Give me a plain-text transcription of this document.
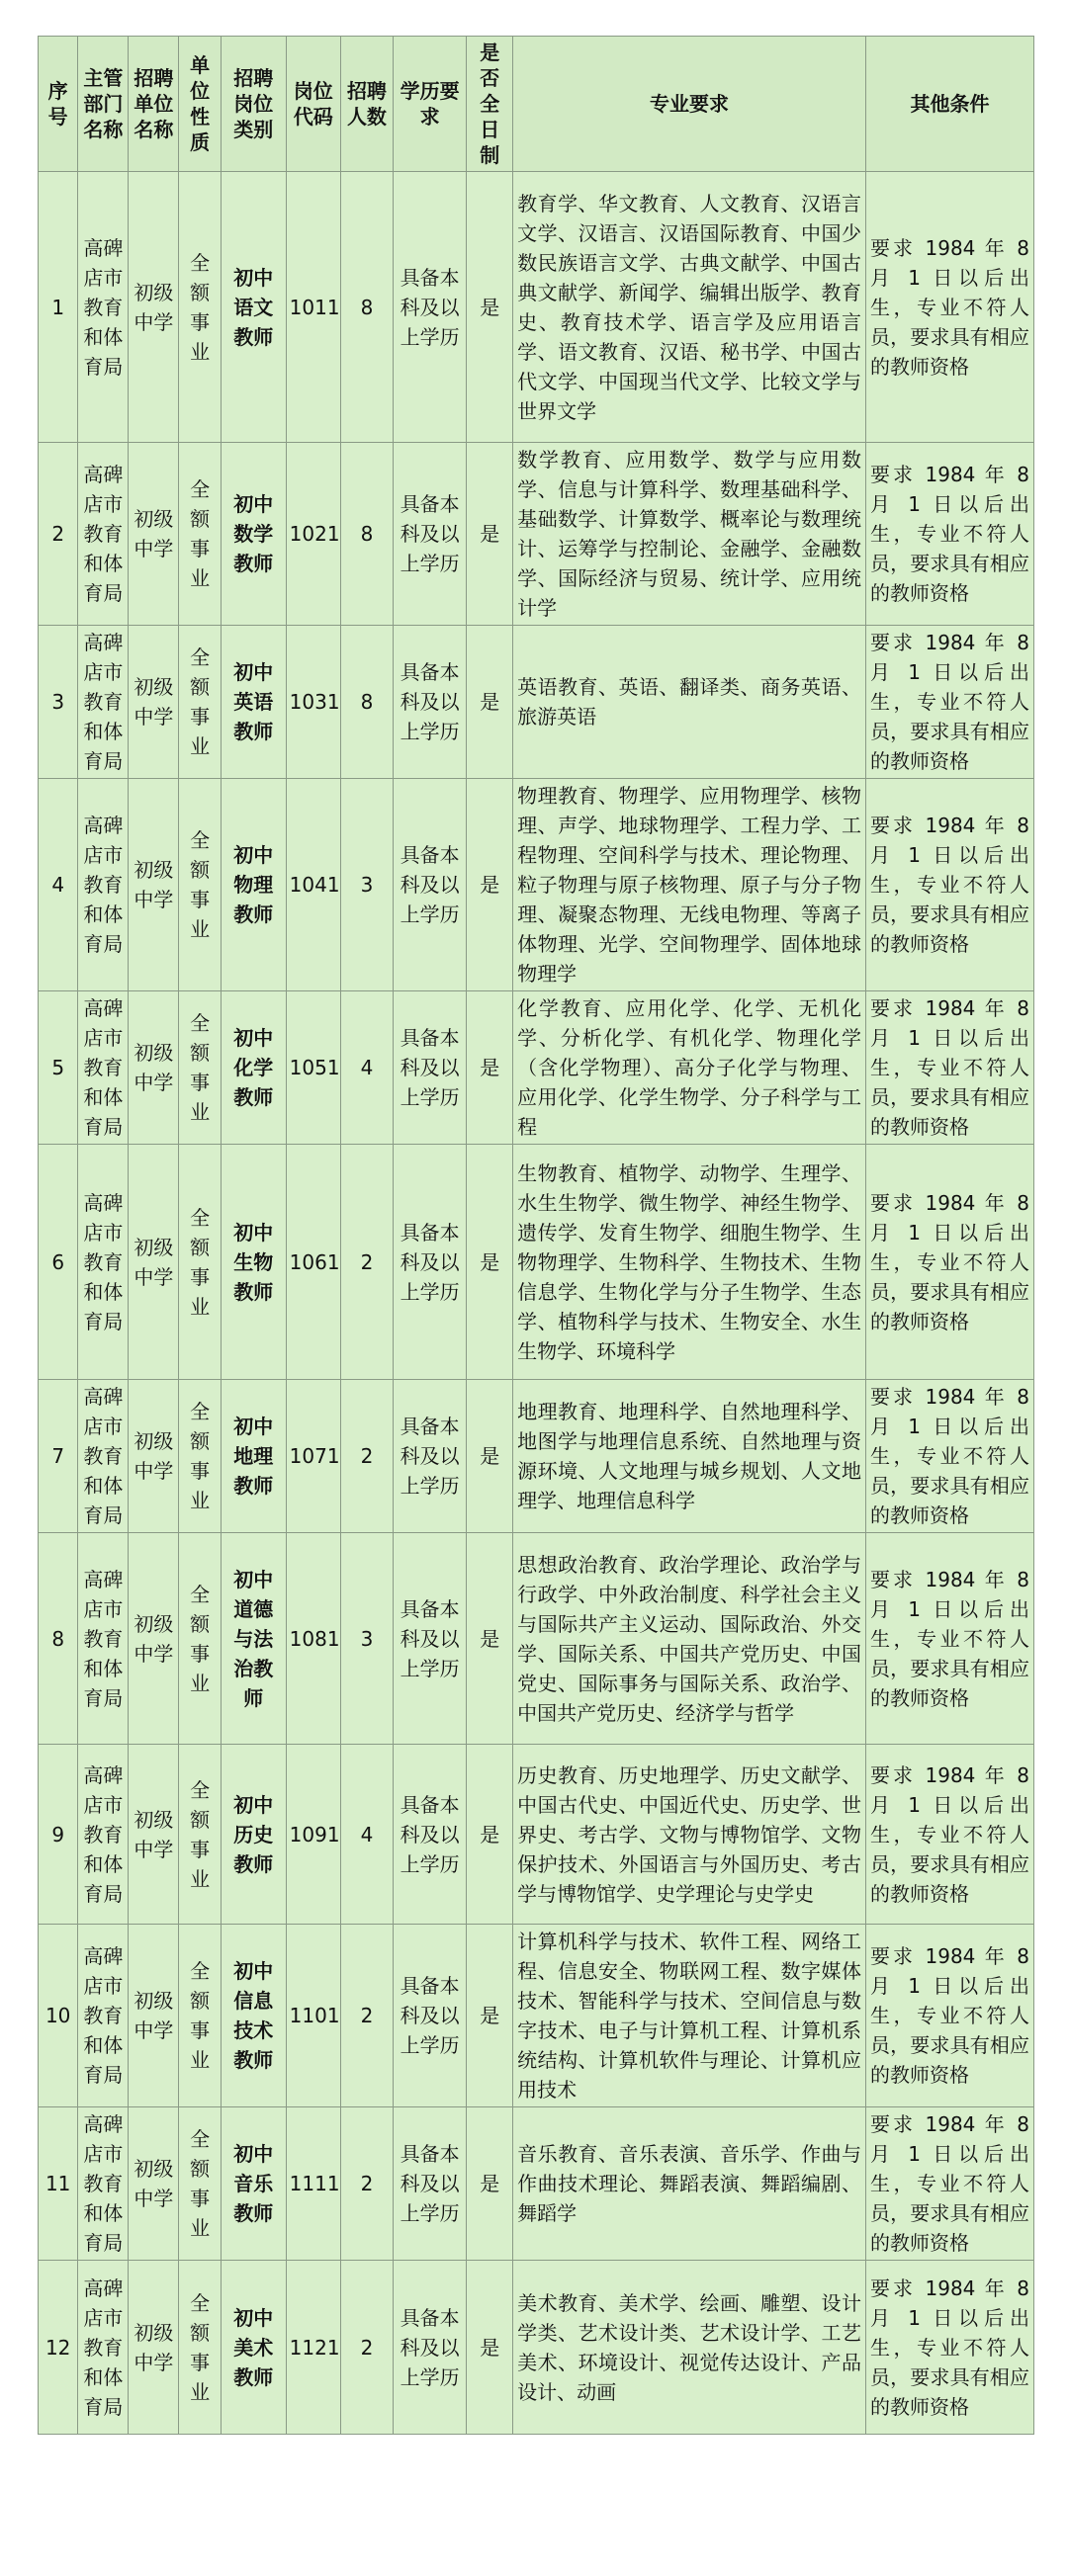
序号	主管部门名称	招聘单位名称	单位性质	招聘岗位类别	岗位代码	招聘人数	学历要求	是否全日制	专业要求	其他条件
1	高碑店市教育和体育局	初级中学	全额事业	初中语文教师	1011	8	具备本科及以上学历	是	教育学、华文教育、人文教育、汉语言文学、汉语言、汉语国际教育、中国少数民族语言文学、古典文献学、中国古典文献学、新闻学、编辑出版学、教育史、教育技术学、语言学及应用语言学、语文教育、汉语、秘书学、中国古代文学、中国现当代文学、比较文学与世界文学	要求 1984 年 8 月 1 日以后出生，专业不符人员，要求具有相应的教师资格
2	高碑店市教育和体育局	初级中学	全额事业	初中数学教师	1021	8	具备本科及以上学历	是	数学教育、应用数学、数学与应用数学、信息与计算科学、数理基础科学、基础数学、计算数学、概率论与数理统计、运筹学与控制论、金融学、金融数学、国际经济与贸易、统计学、应用统计学	要求 1984 年 8 月 1 日以后出生，专业不符人员，要求具有相应的教师资格
3	高碑店市教育和体育局	初级中学	全额事业	初中英语教师	1031	8	具备本科及以上学历	是	英语教育、英语、翻译类、商务英语、旅游英语	要求 1984 年 8 月 1 日以后出生，专业不符人员，要求具有相应的教师资格
4	高碑店市教育和体育局	初级中学	全额事业	初中物理教师	1041	3	具备本科及以上学历	是	物理教育、物理学、应用物理学、核物理、声学、地球物理学、工程力学、工程物理、空间科学与技术、理论物理、粒子物理与原子核物理、原子与分子物理、凝聚态物理、无线电物理、等离子体物理、光学、空间物理学、固体地球物理学	要求 1984 年 8 月 1 日以后出生，专业不符人员，要求具有相应的教师资格
5	高碑店市教育和体育局	初级中学	全额事业	初中化学教师	1051	4	具备本科及以上学历	是	化学教育、应用化学、化学、无机化学、分析化学、有机化学、物理化学（含化学物理）、高分子化学与物理、应用化学、化学生物学、分子科学与工程	要求 1984 年 8 月 1 日以后出生，专业不符人员，要求具有相应的教师资格
6	高碑店市教育和体育局	初级中学	全额事业	初中生物教师	1061	2	具备本科及以上学历	是	生物教育、植物学、动物学、生理学、水生生物学、微生物学、神经生物学、遗传学、发育生物学、细胞生物学、生物物理学、生物科学、生物技术、生物信息学、生物化学与分子生物学、生态学、植物科学与技术、生物安全、水生生物学、环境科学	要求 1984 年 8 月 1 日以后出生，专业不符人员，要求具有相应的教师资格
7	高碑店市教育和体育局	初级中学	全额事业	初中地理教师	1071	2	具备本科及以上学历	是	地理教育、地理科学、自然地理科学、地图学与地理信息系统、自然地理与资源环境、人文地理与城乡规划、人文地理学、地理信息科学	要求 1984 年 8 月 1 日以后出生，专业不符人员，要求具有相应的教师资格
8	高碑店市教育和体育局	初级中学	全额事业	初中道德与法治教师	1081	3	具备本科及以上学历	是	思想政治教育、政治学理论、政治学与行政学、中外政治制度、科学社会主义与国际共产主义运动、国际政治、外交学、国际关系、中国共产党历史、中国党史、国际事务与国际关系、政治学、中国共产党历史、经济学与哲学	要求 1984 年 8 月 1 日以后出生，专业不符人员，要求具有相应的教师资格
9	高碑店市教育和体育局	初级中学	全额事业	初中历史教师	1091	4	具备本科及以上学历	是	历史教育、历史地理学、历史文献学、中国古代史、中国近代史、历史学、世界史、考古学、文物与博物馆学、文物保护技术、外国语言与外国历史、考古学与博物馆学、史学理论与史学史	要求 1984 年 8 月 1 日以后出生，专业不符人员，要求具有相应的教师资格
10	高碑店市教育和体育局	初级中学	全额事业	初中信息技术教师	1101	2	具备本科及以上学历	是	计算机科学与技术、软件工程、网络工程、信息安全、物联网工程、数字媒体技术、智能科学与技术、空间信息与数字技术、电子与计算机工程、计算机系统结构、计算机软件与理论、计算机应用技术	要求 1984 年 8 月 1 日以后出生，专业不符人员，要求具有相应的教师资格
11	高碑店市教育和体育局	初级中学	全额事业	初中音乐教师	1111	2	具备本科及以上学历	是	音乐教育、音乐表演、音乐学、作曲与作曲技术理论、舞蹈表演、舞蹈编剧、舞蹈学	要求 1984 年 8 月 1 日以后出生，专业不符人员，要求具有相应的教师资格
12	高碑店市教育和体育局	初级中学	全额事业	初中美术教师	1121	2	具备本科及以上学历	是	美术教育、美术学、绘画、雕塑、设计学类、艺术设计类、艺术设计学、工艺美术、环境设计、视觉传达设计、产品设计、动画	要求 1984 年 8 月 1 日以后出生，专业不符人员，要求具有相应的教师资格
